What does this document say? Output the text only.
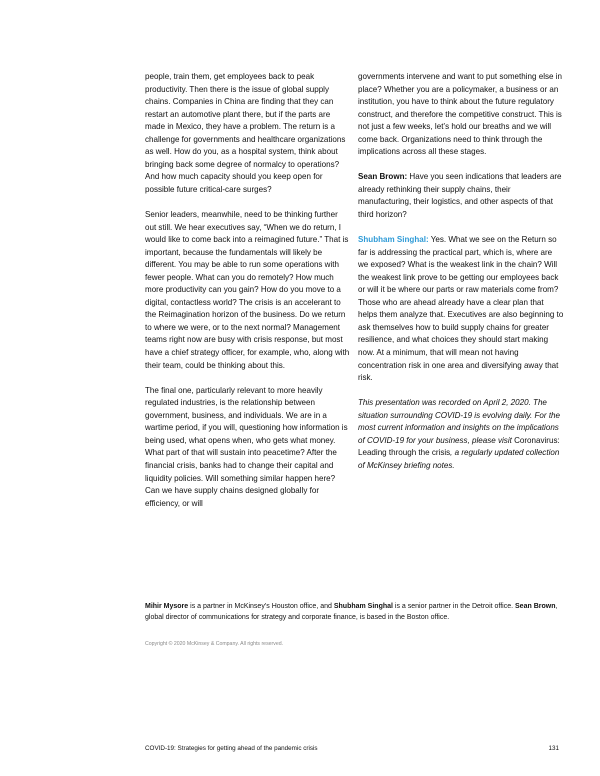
people, train them, get employees back to peak productivity. Then there is the issue of global supply chains. Companies in China are finding that they can restart an automotive plant there, but if the parts are made in Mexico, they have a problem. The return is a challenge for governments and healthcare organizations as well. How do you, as a hospital system, think about bringing back some degree of normalcy to operations? And how much capacity should you keep open for possible future critical-care surges?

Senior leaders, meanwhile, need to be thinking further out still. We hear executives say, “When we do return, I would like to come back into a reimagined future.” That is important, because the fundamentals will likely be different. You may be able to run some operations with fewer people. What can you do remotely? How much more productivity can you gain? How do you move to a digital, contactless world? The crisis is an accelerant to the Reimagination horizon of the business. Do we return to where we were, or to the next normal? Management teams right now are busy with crisis response, but most have a chief strategy officer, for example, who, along with their team, could be thinking about this.

The final one, particularly relevant to more heavily regulated industries, is the relationship between government, business, and individuals. We are in a wartime period, if you will, questioning how information is being used, what opens when, who gets what money. What part of that will sustain into peacetime? After the financial crisis, banks had to change their capital and liquidity policies. Will something similar happen here? Can we have supply chains designed globally for efficiency, or will

governments intervene and want to put something else in place? Whether you are a policymaker, a business or an institution, you have to think about the future regulatory construct, and therefore the competitive construct. This is not just a few weeks, let’s hold our breaths and we will come back. Organizations need to think through the implications across all these stages.

Sean Brown: Have you seen indications that leaders are already rethinking their supply chains, their manufacturing, their logistics, and other aspects of that third horizon?

Shubham Singhal: Yes. What we see on the Return so far is addressing the practical part, which is, where are we exposed? What is the weakest link in the chain? Will the weakest link prove to be getting our employees back or will it be where our parts or raw materials come from? Those who are ahead already have a clear plan that helps them analyze that. Executives are also beginning to ask themselves how to build supply chains for greater resilience, and what choices they should start making now. At a minimum, that will mean not having concentration risk in one area and diversifying away that risk.

This presentation was recorded on April 2, 2020. The situation surrounding COVID-19 is evolving daily. For the most current information and insights on the implications of COVID-19 for your business, please visit Coronavirus: Leading through the crisis, a regularly updated collection of McKinsey briefing notes.

Mihir Mysore is a partner in McKinsey’s Houston office, and Shubham Singhal is a senior partner in the Detroit office. Sean Brown, global director of communications for strategy and corporate finance, is based in the Boston office.
Copyright © 2020 McKinsey & Company. All rights reserved.
COVID-19: Strategies for getting ahead of the pandemic crisis	131
